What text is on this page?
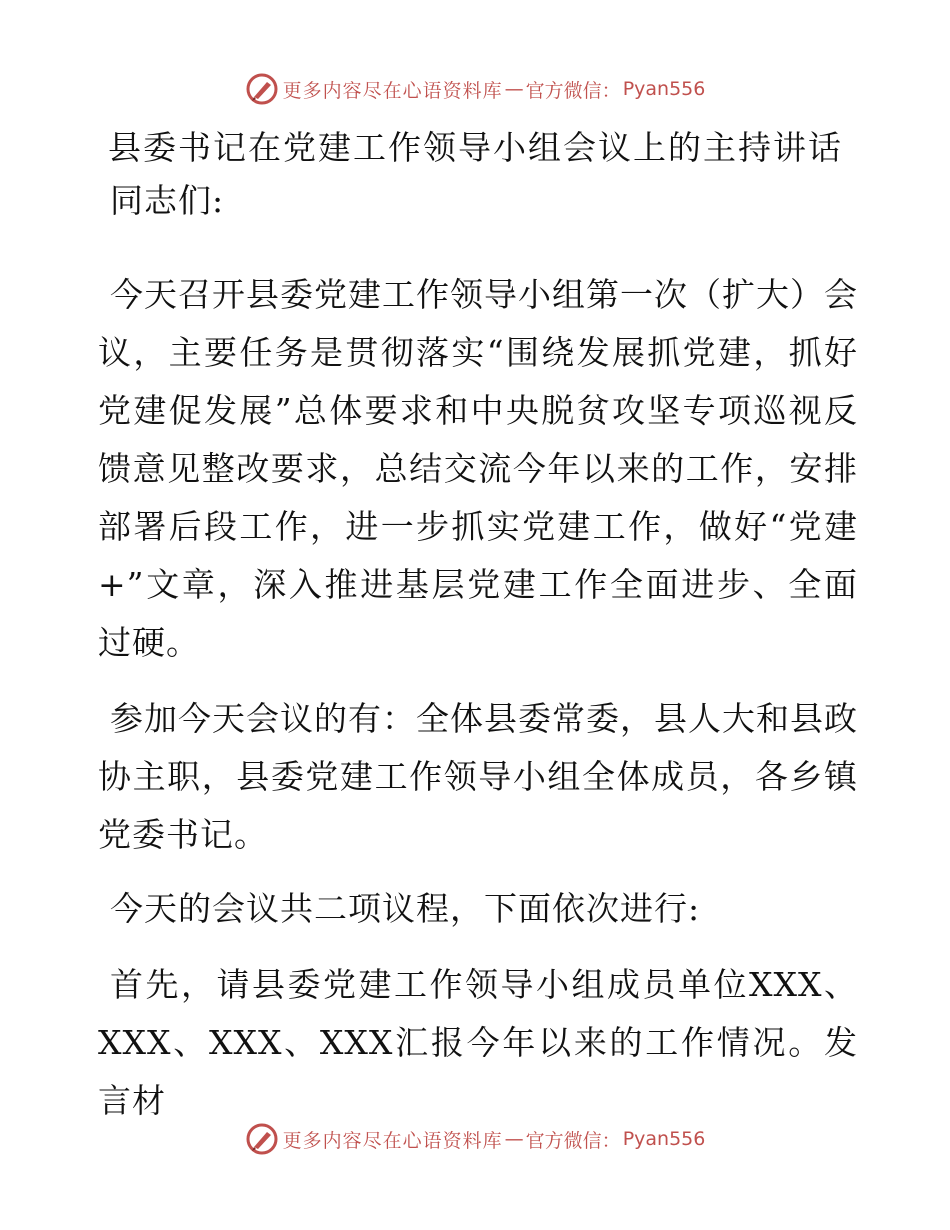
更多内容尽在心语资料库 — 官方微信： Pyan556
县委书记在党建工作领导小组会议上的主持讲话

同志们:

今天召开县委党建工作领导小组第一次（扩大）会议，主要任务是贯彻落实“围绕发展抓党建，抓好党建促发展”总体要求和中央脱贫攻坚专项巡视反馈意见整改要求，总结交流今年以来的工作，安排部署后段工作，进一步抓实党建工作，做好“党建+”文章，深入推进基层党建工作全面进步、全面过硬。

参加今天会议的有：全体县委常委，县人大和县政协主职，县委党建工作领导小组全体成员，各乡镇党委书记。

今天的会议共二项议程，下面依次进行:

首先，请县委党建工作领导小组成员单位XXX、XXX、XXX、XXX汇报今年以来的工作情况。发言材

更多内容尽在心语资料库 — 官方微信： Pyan556
